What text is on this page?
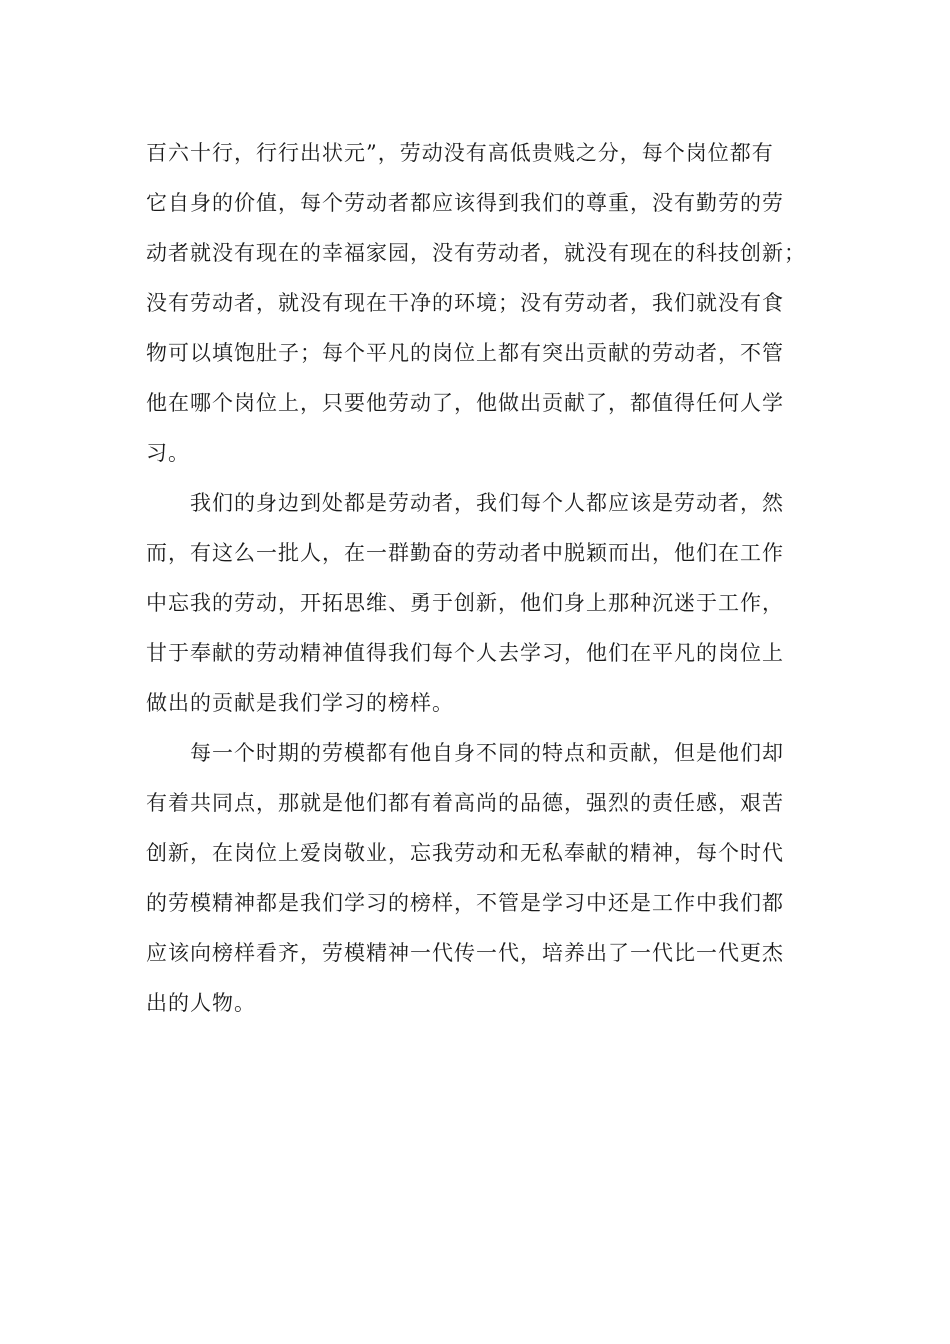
百六十行，行行出状元”，劳动没有高低贵贱之分，每个岗位都有
它自身的价值，每个劳动者都应该得到我们的尊重，没有勤劳的劳
动者就没有现在的幸福家园，没有劳动者，就没有现在的科技创新；
没有劳动者，就没有现在干净的环境；没有劳动者，我们就没有食
物可以填饱肚子；每个平凡的岗位上都有突出贡献的劳动者，不管
他在哪个岗位上，只要他劳动了，他做出贡献了，都值得任何人学
习。
我们的身边到处都是劳动者，我们每个人都应该是劳动者，然
而，有这么一批人，在一群勤奋的劳动者中脱颖而出，他们在工作
中忘我的劳动，开拓思维、勇于创新，他们身上那种沉迷于工作，
甘于奉献的劳动精神值得我们每个人去学习，他们在平凡的岗位上
做出的贡献是我们学习的榜样。
每一个时期的劳模都有他自身不同的特点和贡献，但是他们却
有着共同点，那就是他们都有着高尚的品德，强烈的责任感，艰苦
创新，在岗位上爱岗敬业，忘我劳动和无私奉献的精神，每个时代
的劳模精神都是我们学习的榜样，不管是学习中还是工作中我们都
应该向榜样看齐，劳模精神一代传一代，培养出了一代比一代更杰
出的人物。
